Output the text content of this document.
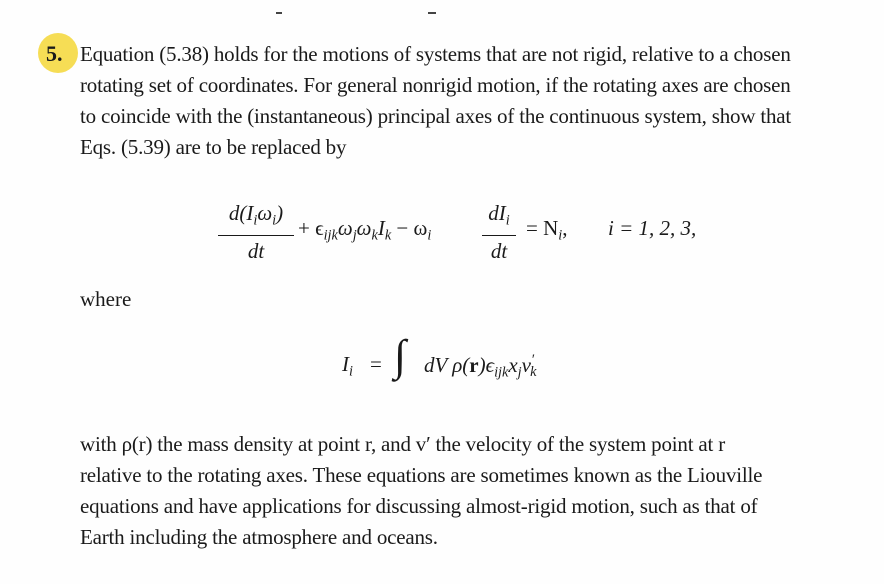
5. Equation (5.38) holds for the motions of systems that are not rigid, relative to a chosen
rotating set of coordinates. For general nonrigid motion, if the rotating axes are chosen
to coincide with the (instantaneous) principal axes of the continuous system, show that
Eqs. (5.39) are to be replaced by
$d(I_i\omega_i)$
dt
+ $\epsilon_{ijk}\omega_j\omega_kI_k - \omega_i$
$dI_i$
dt
= $N_i$, i = 1, 2, 3,
where
$I_i$ = ∫ dV $\rho(r)\epsilon_{ijk}x_jv'_k$
with ρ(r) the mass density at point r, and v′ the velocity of the system point at r
relative to the rotating axes. These equations are sometimes known as the Liouville
equations and have applications for discussing almost-rigid motion, such as that of
Earth including the atmosphere and oceans.
